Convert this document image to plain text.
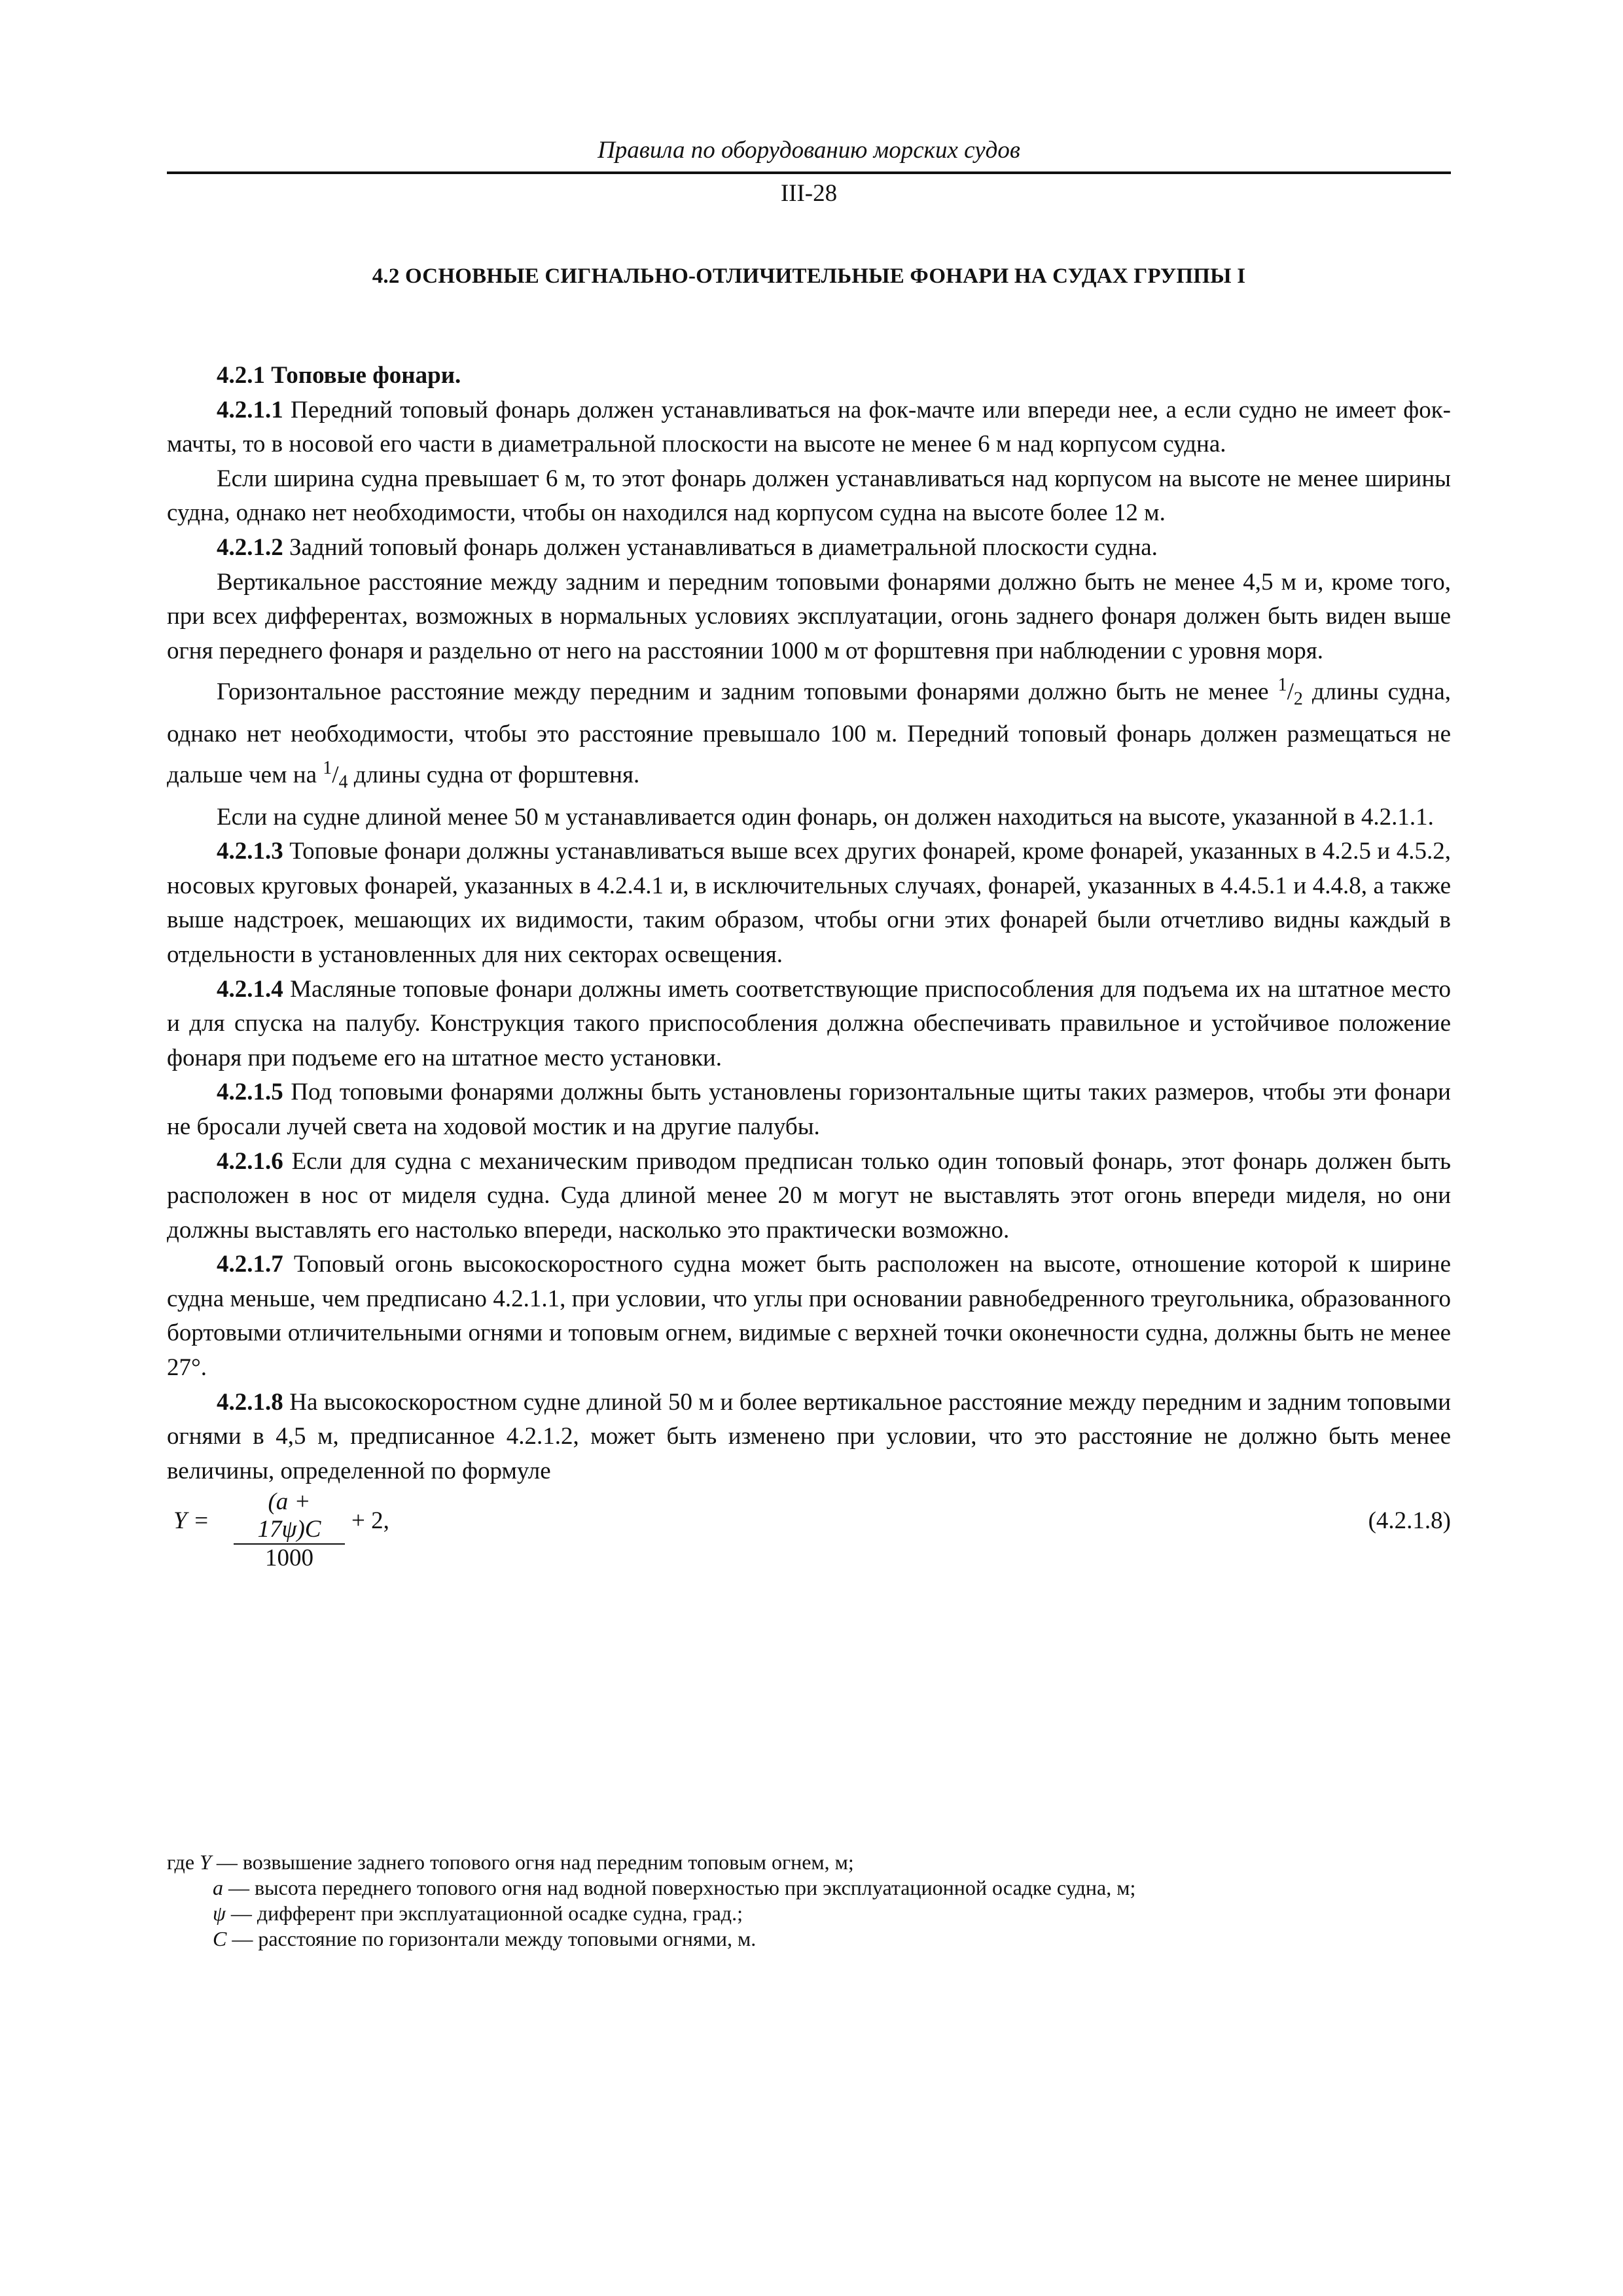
Правила по оборудованию морских судов
III-28
4.2 ОСНОВНЫЕ СИГНАЛЬНО-ОТЛИЧИТЕЛЬНЫЕ ФОНАРИ НА СУДАХ ГРУППЫ I

4.2.1 Топовые фонари.

4.2.1.1 Передний топовый фонарь должен устанавливаться на фок-мачте или впереди нее, а если судно не имеет фок-мачты, то в носовой его части в диаметральной плоскости на высоте не менее 6 м над корпусом судна.

Если ширина судна превышает 6 м, то этот фонарь должен устанавливаться над корпусом на высоте не менее ширины судна, однако нет необходимости, чтобы он находился над корпусом судна на высоте более 12 м.

4.2.1.2 Задний топовый фонарь должен устанавливаться в диаметральной плоскости судна.

Вертикальное расстояние между задним и передним топовыми фонарями должно быть не менее 4,5 м и, кроме того, при всех дифферентах, возможных в нормальных условиях эксплуатации, огонь заднего фонаря должен быть виден выше огня переднего фонаря и раздельно от него на расстоянии 1000 м от форштевня при наблюдении с уровня моря.

Горизонтальное расстояние между передним и задним топовыми фонарями должно быть не менее $^1/_2$ длины судна, однако нет необходимости, чтобы это расстояние превышало 100 м. Передний топовый фонарь должен размещаться не дальше чем на $^1/_4$ длины судна от форштевня.

Если на судне длиной менее 50 м устанавливается один фонарь, он должен находиться на высоте, указанной в 4.2.1.1.

4.2.1.3 Топовые фонари должны устанавливаться выше всех других фонарей, кроме фонарей, указанных в 4.2.5 и 4.5.2, носовых круговых фонарей, указанных в 4.2.4.1 и, в исключительных случаях, фонарей, указанных в 4.4.5.1 и 4.4.8, а также выше надстроек, мешающих их видимости, таким образом, чтобы огни этих фонарей были отчетливо видны каждый в отдельности в установленных для них секторах освещения.

4.2.1.4 Масляные топовые фонари должны иметь соответствующие приспособления для подъема их на штатное место и для спуска на палубу. Конструкция такого приспособления должна обеспечивать правильное и устойчивое положение фонаря при подъеме его на штатное место установки.

4.2.1.5 Под топовыми фонарями должны быть установлены горизонтальные щиты таких размеров, чтобы эти фонари не бросали лучей света на ходовой мостик и на другие палубы.

4.2.1.6 Если для судна с механическим приводом предписан только один топовый фонарь, этот фонарь должен быть расположен в нос от миделя судна. Суда длиной менее 20 м могут не выставлять этот огонь впереди миделя, но они должны выставлять его настолько впереди, насколько это практически возможно.

4.2.1.7 Топовый огонь высокоскоростного судна может быть расположен на высоте, отношение которой к ширине судна меньше, чем предписано 4.2.1.1, при условии, что углы при основании равнобедренного треугольника, образованного бортовыми отличительными огнями и топовым огнем, видимые с верхней точки оконечности судна, должны быть не менее 27°.

4.2.1.8 На высокоскоростном судне длиной 50 м и более вертикальное расстояние между передним и задним топовыми огнями в 4,5 м, предписанное 4.2.1.2, может быть изменено при условии, что это расстояние не должно быть менее величины, определенной по формуле

$Y = \frac{(a + 17\psi)C}{1000} + 2$,	(4.2.1.8)
где Y — возвышение заднего топового огня над передним топовым огнем, м;
a — высота переднего топового огня над водной поверхностью при эксплуатационной осадке судна, м;
ψ — дифферент при эксплуатационной осадке судна, град.;
C — расстояние по горизонтали между топовыми огнями, м.
